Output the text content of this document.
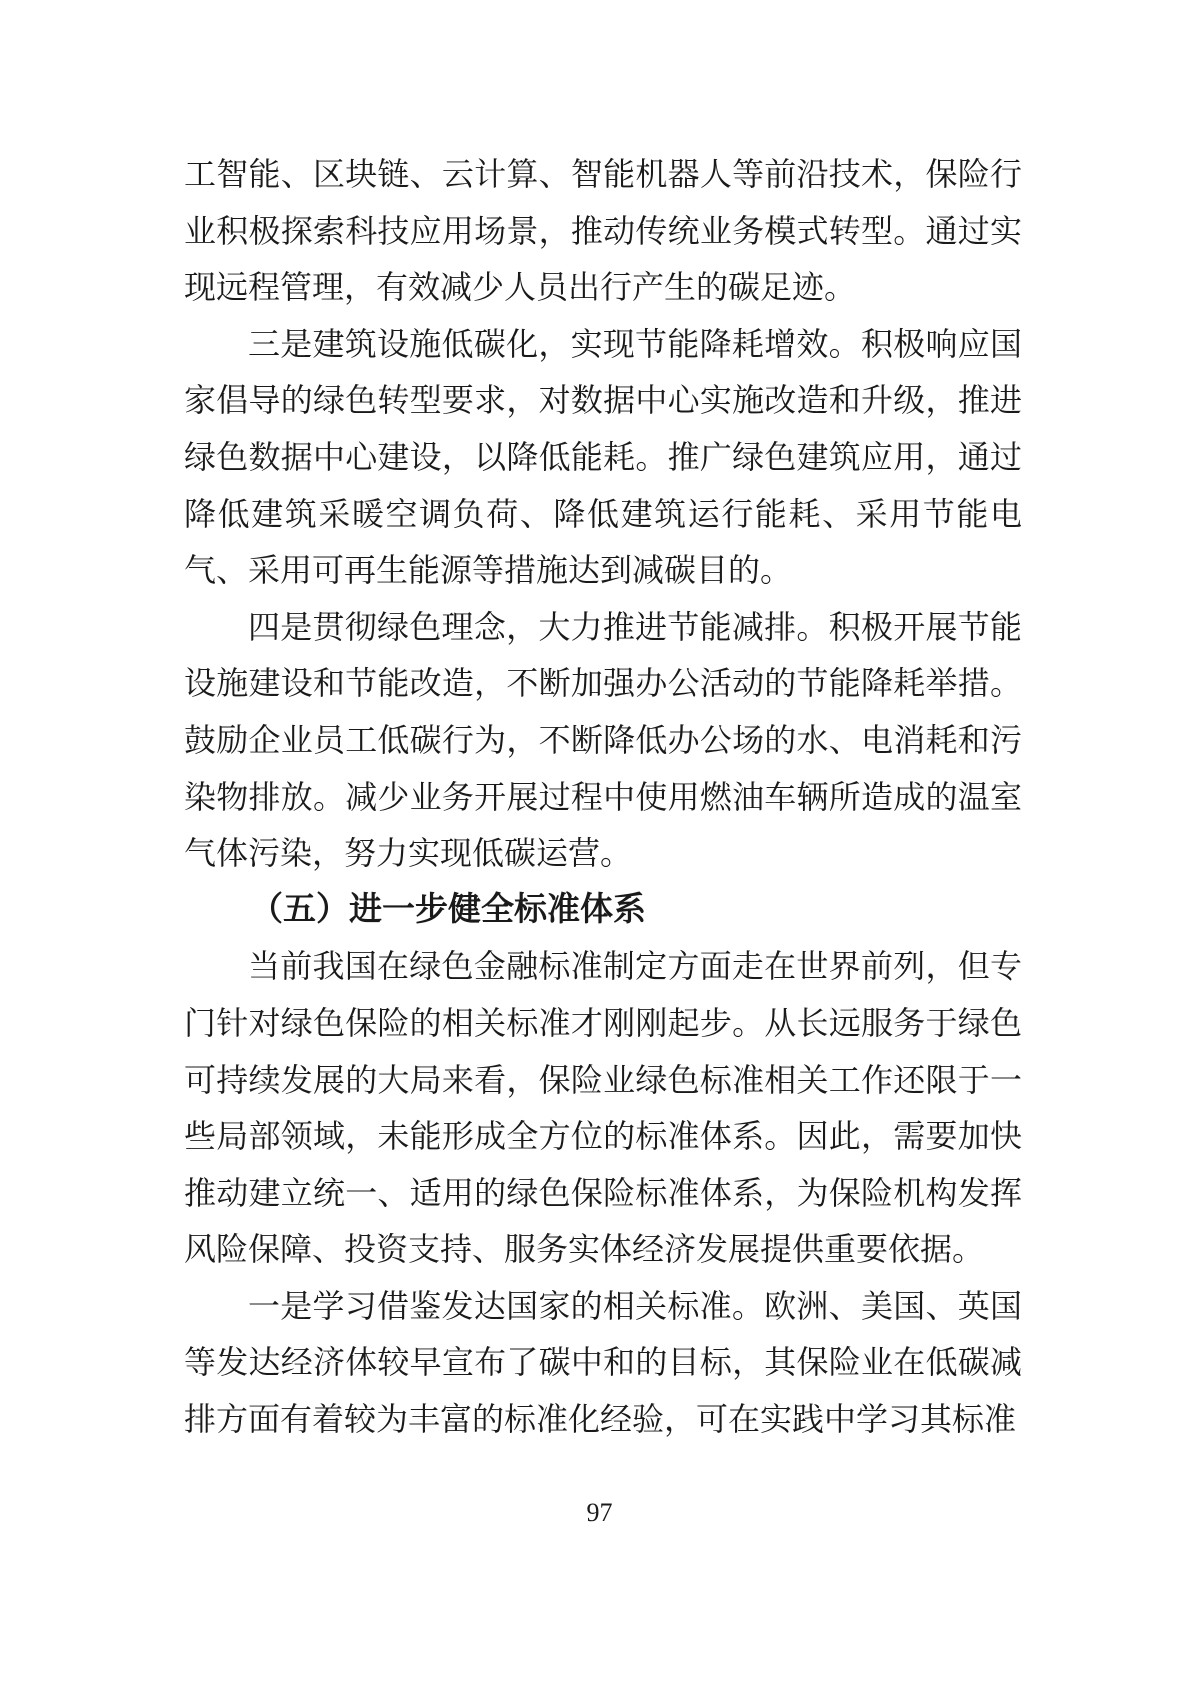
工智能、区块链、云计算、智能机器人等前沿技术，保险行业积极探索科技应用场景，推动传统业务模式转型。通过实现远程管理，有效减少人员出行产生的碳足迹。

三是建筑设施低碳化，实现节能降耗增效。积极响应国家倡导的绿色转型要求，对数据中心实施改造和升级，推进绿色数据中心建设，以降低能耗。推广绿色建筑应用，通过降低建筑采暖空调负荷、降低建筑运行能耗、采用节能电气、采用可再生能源等措施达到减碳目的。

四是贯彻绿色理念，大力推进节能减排。积极开展节能设施建设和节能改造，不断加强办公活动的节能降耗举措。鼓励企业员工低碳行为，不断降低办公场的水、电消耗和污染物排放。减少业务开展过程中使用燃油车辆所造成的温室气体污染，努力实现低碳运营。

（五）进一步健全标准体系

当前我国在绿色金融标准制定方面走在世界前列，但专门针对绿色保险的相关标准才刚刚起步。从长远服务于绿色可持续发展的大局来看，保险业绿色标准相关工作还限于一些局部领域，未能形成全方位的标准体系。因此，需要加快推动建立统一、适用的绿色保险标准体系，为保险机构发挥风险保障、投资支持、服务实体经济发展提供重要依据。

一是学习借鉴发达国家的相关标准。欧洲、美国、英国等发达经济体较早宣布了碳中和的目标，其保险业在低碳减排方面有着较为丰富的标准化经验，可在实践中学习其标准

97
